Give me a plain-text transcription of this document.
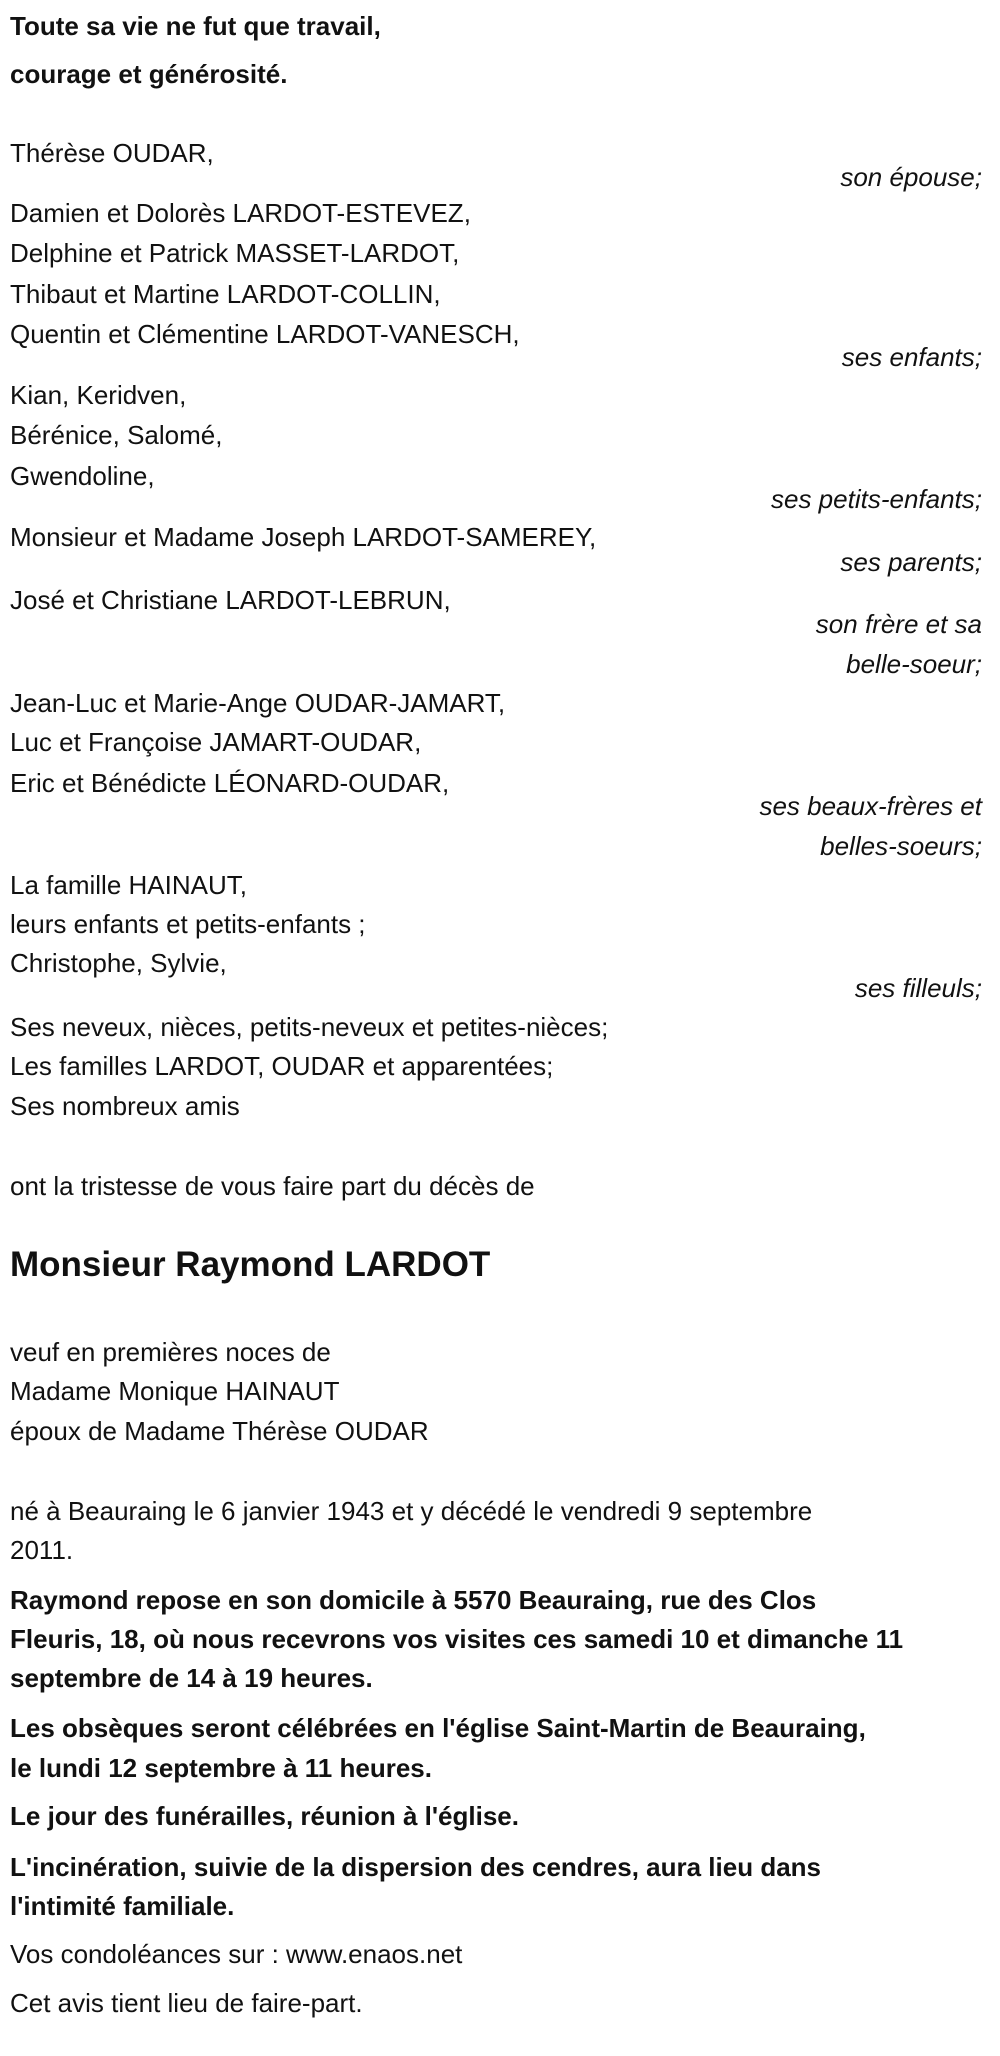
Toute sa vie ne fut que travail,
courage et générosité.
Thérèse OUDAR,
son épouse;
Damien et Dolorès LARDOT-ESTEVEZ,
Delphine et Patrick MASSET-LARDOT,
Thibaut et Martine LARDOT-COLLIN,
Quentin et Clémentine LARDOT-VANESCH,
ses enfants;
Kian, Keridven,
Bérénice, Salomé,
Gwendoline,
ses petits-enfants;
Monsieur et Madame Joseph LARDOT-SAMEREY,
ses parents;
José et Christiane LARDOT-LEBRUN,
son frère et sa
belle-soeur;
Jean-Luc et Marie-Ange OUDAR-JAMART,
Luc et Françoise JAMART-OUDAR,
Eric et Bénédicte LÉONARD-OUDAR,
ses beaux-frères et
belles-soeurs;
La famille HAINAUT,
leurs enfants et petits-enfants ;
Christophe, Sylvie,
ses filleuls;
Ses neveux, nièces, petits-neveux et petites-nièces;
Les familles LARDOT, OUDAR et apparentées;
Ses nombreux amis
ont la tristesse de vous faire part du décès de
Monsieur Raymond LARDOT
veuf en premières noces de
Madame Monique HAINAUT
époux de Madame Thérèse OUDAR
né à Beauraing le 6 janvier 1943 et y décédé le vendredi 9 septembre
2011.
Raymond repose en son domicile à 5570 Beauraing, rue des Clos
Fleuris, 18, où nous recevrons vos visites ces samedi 10 et dimanche 11
septembre de 14 à 19 heures.
Les obsèques seront célébrées en l'église Saint-Martin de Beauraing,
le lundi 12 septembre à 11 heures.
Le jour des funérailles, réunion à l'église.
L'incinération, suivie de la dispersion des cendres, aura lieu dans
l'intimité familiale.
Vos condoléances sur : www.enaos.net
Cet avis tient lieu de faire-part.
